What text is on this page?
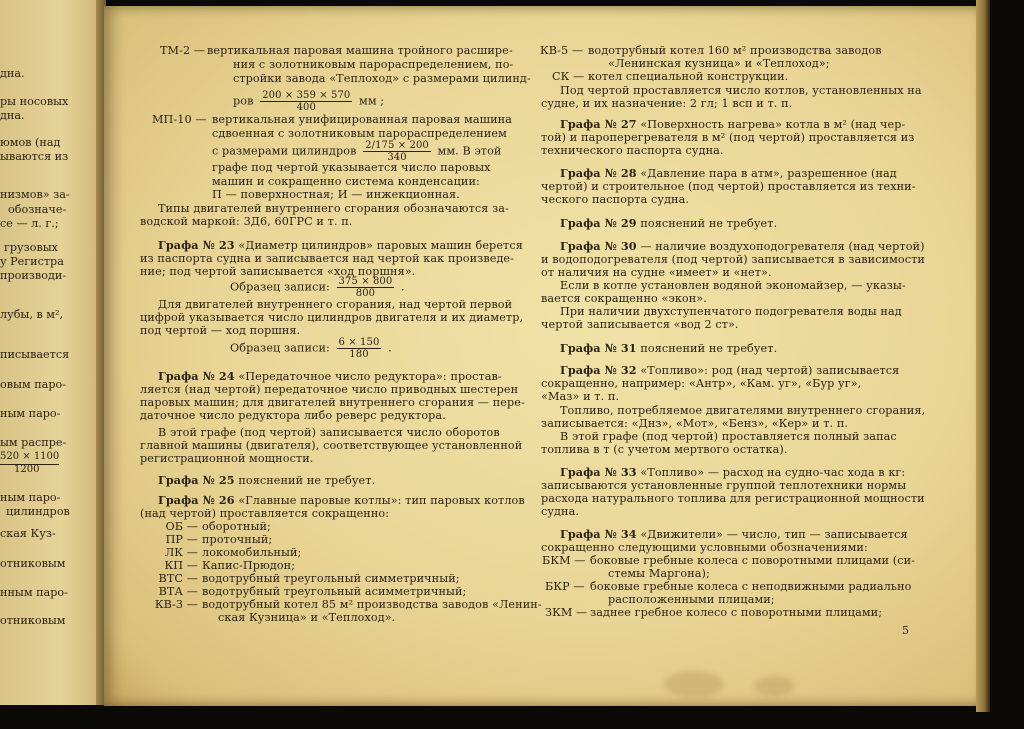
дна.
ры носовых
дна.
юмов (над
ываются из
низмов» за-
обозначе-
се — л. г.;
грузовых
у Регистра
производи-
лубы, в м²,
писывается
овым паро-
ным паро-
ым распре-
520 × 1100
1200
ным паро-
цилиндров
ская Куз-
отниковым
нным паро-
отниковым
ТМ-2 — вертикальная паровая машина тройного расшире-
ния с золотниковым парораспределением, по-
стройки завода «Теплоход» с размерами цилинд-
ров $\frac{200 \times 359 \times 570}{400}$ мм ;
МП-10 — вертикальная унифицированная паровая машина
сдвоенная с золотниковым парораспределением
с размерами цилиндров $\frac{2/175 \times 200}{340}$ мм. В этой
графе под чертой указывается число паровых
машин и сокращенно система конденсации:
П — поверхностная; И — инжекционная.
Типы двигателей внутреннего сгорания обозначаются за-
водской маркой: 3Д6, 60ГРС и т. п.
Графа № 23 «Диаметр цилиндров» паровых машин берется
из паспорта судна и записывается над чертой как произведе-
ние; под чертой записывается «ход поршня».
Образец записи: $\frac{375 \times 800}{800}$ .
Для двигателей внутреннего сгорания, над чертой первой
цифрой указывается число цилиндров двигателя и их диаметр,
под чертой — ход поршня.
Образец записи: $\frac{6 \times 150}{180}$ .
Графа № 24 «Передаточное число редуктора»: простав-
ляется (над чертой) передаточное число приводных шестерен
паровых машин; для двигателей внутреннего сгорания — пере-
даточное число редуктора либо реверс редуктора.
В этой графе (под чертой) записывается число оборотов
главной машины (двигателя), соответствующее установленной
регистрационной мощности.
Графа № 25 пояснений не требует.
Графа № 26 «Главные паровые котлы»: тип паровых котлов
(над чертой) проставляется сокращенно:
ОБ — оборотный;
ПР — проточный;
ЛК — локомобильный;
КП — Капис-Прюдон;
ВТС — водотрубный треугольный симметричный;
ВТА — водотрубный треугольный асимметричный;
КВ-3 — водотрубный котел 85 м² производства заводов «Ленин-
ская Кузница» и «Теплоход».
КВ-5 — водотрубный котел 160 м² производства заводов
«Ленинская кузница» и «Теплоход»;
СК — котел специальной конструкции.
Под чертой проставляется число котлов, установленных на
судне, и их назначение: 2 гл; 1 всп и т. п.
Графа № 27 «Поверхность нагрева» котла в м² (над чер-
той) и пароперегревателя в м² (под чертой) проставляется из
технического паспорта судна.
Графа № 28 «Давление пара в атм», разрешенное (над
чертой) и строительное (под чертой) проставляется из техни-
ческого паспорта судна.
Графа № 29 пояснений не требует.
Графа № 30 — наличие воздухоподогревателя (над чертой)
и водоподогревателя (под чертой) записывается в зависимости
от наличия на судне «имеет» и «нет».
Если в котле установлен водяной экономайзер, — указы-
вается сокращенно «экон».
При наличии двухступенчатого подогревателя воды над
чертой записывается «вод 2 ст».
Графа № 31 пояснений не требует.
Графа № 32 «Топливо»: род (над чертой) записывается
сокращенно, например: «Антр», «Кам. уг», «Бур уг»,
«Маз» и т. п.
Топливо, потребляемое двигателями внутреннего сгорания,
записывается: «Днз», «Мот», «Бенз», «Кер» и т. п.
В этой графе (под чертой) проставляется полный запас
топлива в т (с учетом мертвого остатка).
Графа № 33 «Топливо» — расход на судно-час хода в кг:
записываются установленные группой теплотехники нормы
расхода натурального топлива для регистрационной мощности
судна.
Графа № 34 «Движители» — число, тип — записывается
сокращенно следующими условными обозначениями:
БКМ — боковые гребные колеса с поворотными плицами (си-
стемы Маргона);
БКР — боковые гребные колеса с неподвижными радиально
расположенными плицами;
ЗКМ — заднее гребное колесо с поворотными плицами;
5
